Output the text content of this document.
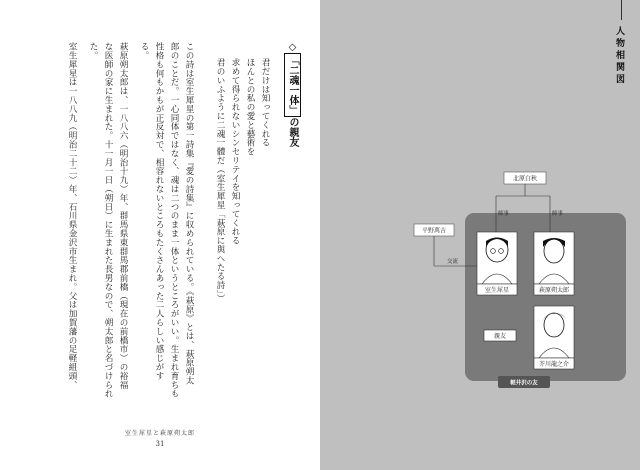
◇「二魂一体」の親友
君だけは知ってくれる
ほんとの私の愛と藝術を
求めて得られないシンセリテイを知ってくれる
君のいふように二魂一體だ（室生犀星「萩原に與へたる詩」）
この詩は室生犀星の第一詩集『愛の詩集』に収められている。《萩原》とは、萩原朔太
郎のことだ。一心同体ではなく、魂は二つのまま一体というところがいい。生まれ育ちも
性格も何もかもが正反対で、相容れないところもたくさんあった二人らしい感じがす
る。
萩原朔太郎は、一八八六（明治十九）年、群馬県東群馬郡前橋（現在の前橋市）の裕福
な医師の家に生まれた。十一月一日（朔日）に生まれた長男なので、朔太郎と名づけられ
た。
室生犀星は一八八九（明治二十二）年、石川県金沢市生まれ。父は加賀藩の足軽組頭、
室生犀星と萩原朔太郎
31
人物相関図
軽井沢の友
北原白秋
師事	師事
平野萬吉
交流
室生犀星	萩原朔太郎
親友
芥川龍之介
